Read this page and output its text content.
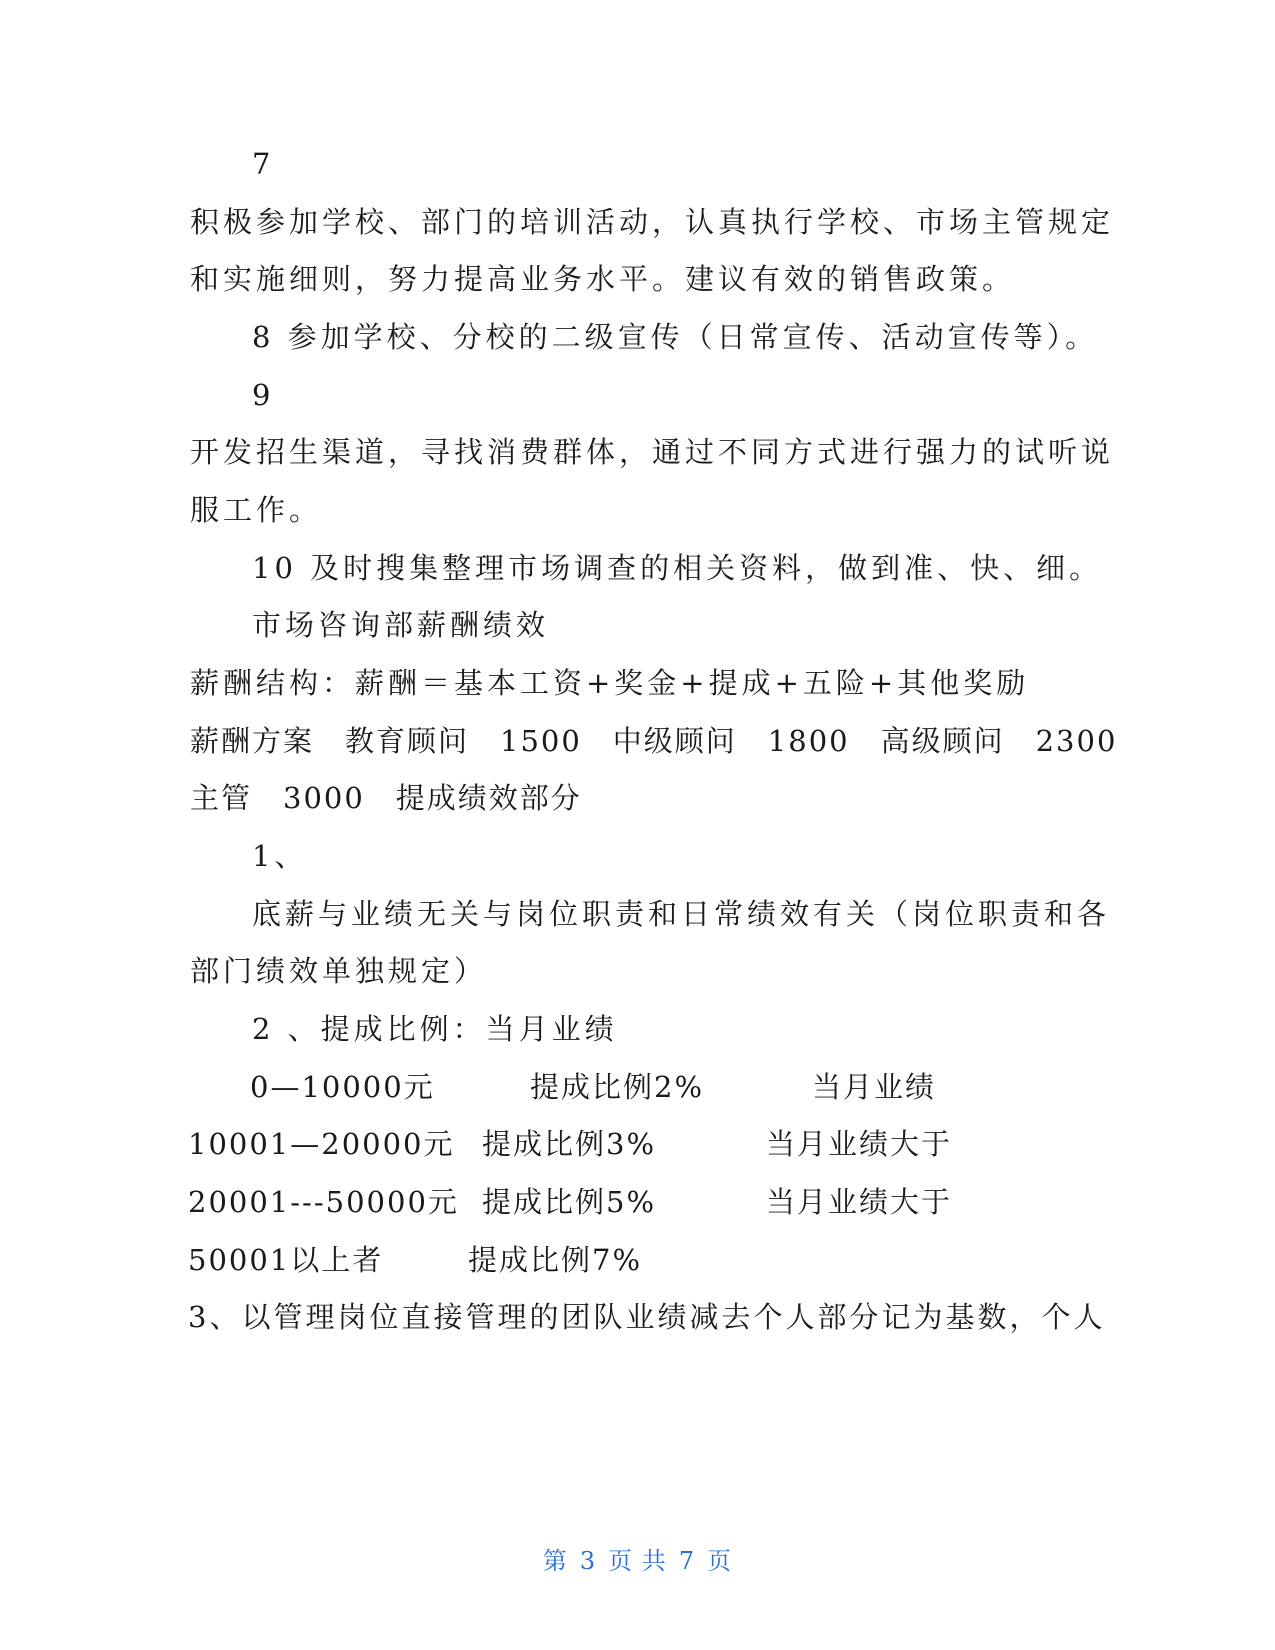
7
积极参加学校、部门的培训活动，认真执行学校、市场主管规定
和实施细则，努力提高业务水平。建议有效的销售政策。
8 参加学校、分校的二级宣传（日常宣传、活动宣传等）。
9
开发招生渠道，寻找消费群体，通过不同方式进行强力的试听说
服工作。
10 及时搜集整理市场调查的相关资料，做到准、快、细。
市场咨询部薪酬绩效
薪酬结构：薪酬＝基本工资+奖金+提成+五险+其他奖励
薪酬方案　教育顾问　1500　中级顾问　1800　高级顾问　2300
主管　3000　提成绩效部分
1、
底薪与业绩无关与岗位职责和日常绩效有关（岗位职责和各
部门绩效单独规定）
2 、提成比例：当月业绩
0—10000元	提成比例2%	当月业绩
10001—20000元 提成比例3%	当月业绩大于
20001---50000元 提成比例5%	当月业绩大于
50001以上者	提成比例7%
3、以管理岗位直接管理的团队业绩减去个人部分记为基数，个人
第 3 页 共 7 页
